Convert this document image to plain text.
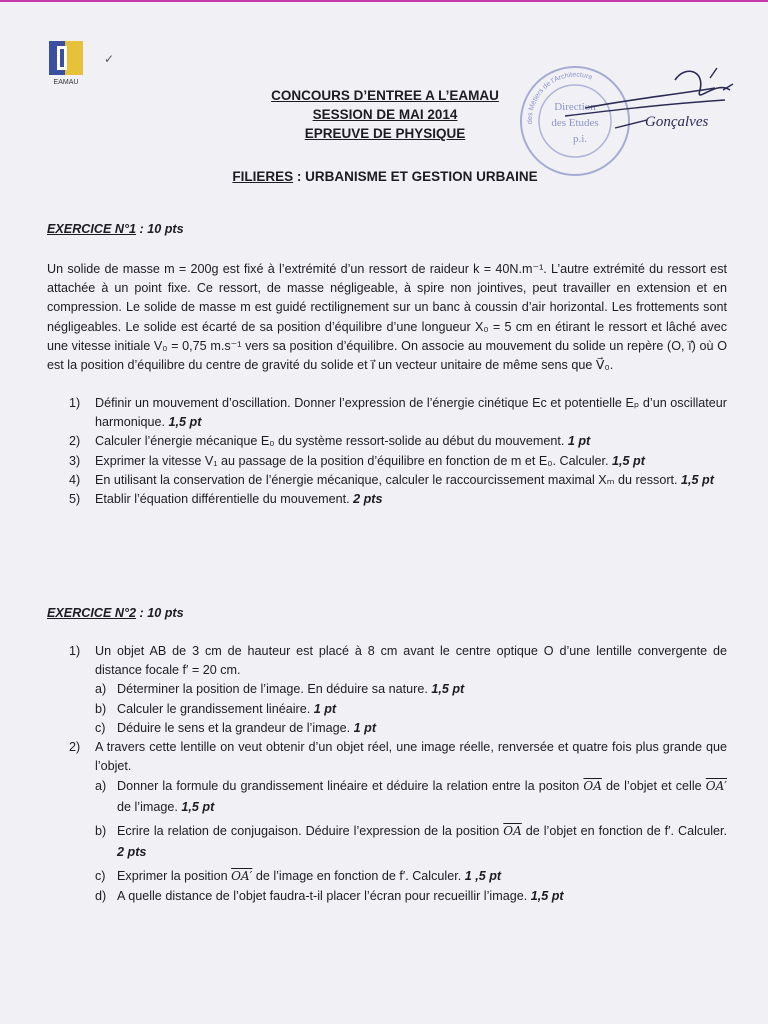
EAMAU
✓
CONCOURS D’ENTREE A L’EAMAU
SESSION DE MAI 2014
EPREUVE DE PHYSIQUE
FILIERES : URBANISME ET GESTION URBAINE
des Métiers de l'Architecture
Direction
des Etudes
p.i.
Gonçalves
EXERCICE N°1 : 10 pts
Un solide de masse m = 200g est fixé à l’extrémité d’un ressort de raideur k = 40N.m⁻¹. L’autre extrémité du ressort est attachée à un point fixe. Ce ressort, de masse négligeable, à spire non jointives, peut travailler en extension et en compression. Le solide de masse m est guidé rectilignement sur un banc à coussin d’air horizontal. Les frottements sont négligeables. Le solide est écarté de sa position d’équilibre d’une longueur X₀ = 5 cm en étirant le ressort et lâché avec une vitesse initiale V₀ = 0,75 m.s⁻¹ vers sa position d’équilibre. On associe au mouvement du solide un repère (O, i⃗) où O est la position d’équilibre du centre de gravité du solide et i⃗ un vecteur unitaire de même sens que V⃗₀.
1) Définir un mouvement d’oscillation. Donner l’expression de l’énergie cinétique Eс et potentielle Eₚ d’un oscillateur harmonique. 1,5 pt
2) Calculer l’énergie mécanique E₀ du système ressort-solide au début du mouvement. 1 pt
3) Exprimer la vitesse V₁ au passage de la position d’équilibre en fonction de m et E₀. Calculer. 1,5 pt
4) En utilisant la conservation de l’énergie mécanique, calculer le raccourcissement maximal Xₘ du ressort. 1,5 pt
5) Etablir l’équation différentielle du mouvement. 2 pts
EXERCICE N°2 : 10 pts
1) Un objet AB de 3 cm de hauteur est placé à 8 cm avant le centre optique O d’une lentille convergente de distance focale f′ = 20 cm.
a) Déterminer la position de l’image. En déduire sa nature. 1,5 pt
b) Calculer le grandissement linéaire. 1 pt
c) Déduire le sens et la grandeur de l’image. 1 pt
2) A travers cette lentille on veut obtenir d’un objet réel, une image réelle, renversée et quatre fois plus grande que l’objet.
a) Donner la formule du grandissement linéaire et déduire la relation entre la positon $\overline{OA}$ de l’objet et celle OA′ de l’image. 1,5 pt
b) Ecrire la relation de conjugaison. Déduire l’expression de la position $\overline{OA}$ de l’objet en fonction de f′. Calculer. 2 pts
c) Exprimer la position OA′ de l’image en fonction de f′. Calculer. 1 ,5 pt
d) A quelle distance de l’objet faudra-t-il placer l’écran pour recueillir l’image. 1,5 pt
